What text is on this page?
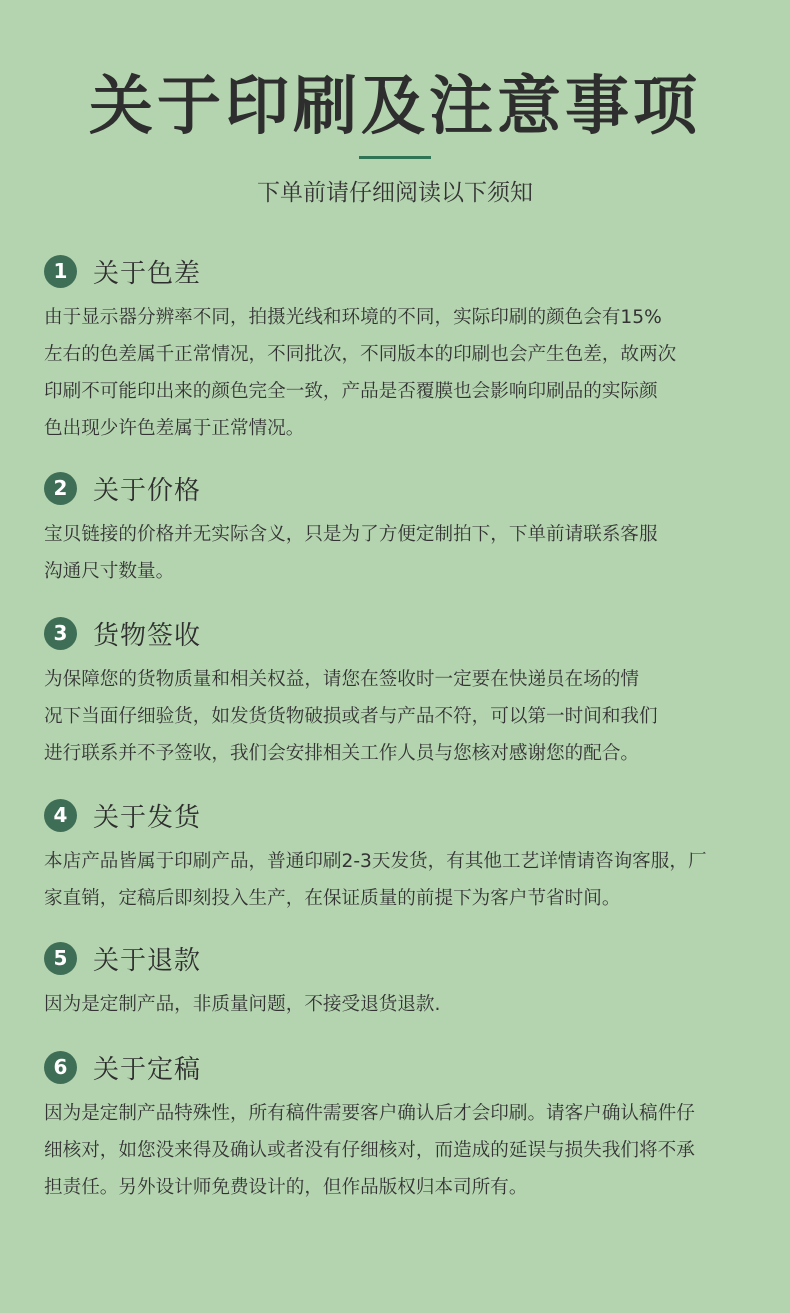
关于印刷及注意事项
下单前请仔细阅读以下须知
1 关于色差
由于显示器分辨率不同，拍摄光线和环境的不同，实际印刷的颜色会有15%
左右的色差属千正常情况，不同批次，不同版本的印刷也会产生色差，故两次
印刷不可能印出来的颜色完全一致，产品是否覆膜也会影响印刷品的实际颜
色出现少许色差属于正常情况。
2 关于价格
宝贝链接的价格并无实际含义，只是为了方便定制拍下，下单前请联系客服
沟通尺寸数量。
3 货物签收
为保障您的货物质量和相关权益，请您在签收时一定要在快递员在场的情
况下当面仔细验货，如发货货物破损或者与产品不符，可以第一时间和我们
进行联系并不予签收，我们会安排相关工作人员与您核对感谢您的配合。
4 关于发货
本店产品皆属于印刷产品，普通印刷2-3天发货，有其他工艺详情请咨询客服，厂
家直销，定稿后即刻投入生产，在保证质量的前提下为客户节省时间。
5 关于退款
因为是定制产品，非质量问题，不接受退货退款.
6 关于定稿
因为是定制产品特殊性，所有稿件需要客户确认后才会印刷。请客户确认稿件仔
细核对，如您没来得及确认或者没有仔细核对，而造成的延误与损失我们将不承
担责任。另外设计师免费设计的，但作品版权归本司所有。
